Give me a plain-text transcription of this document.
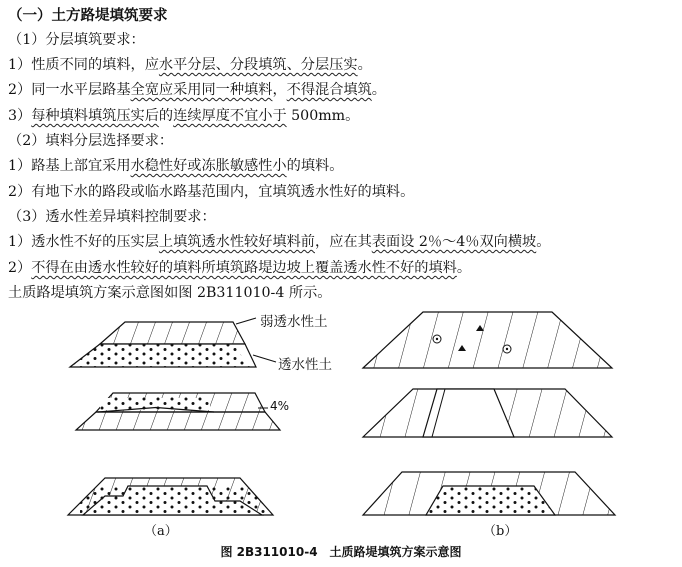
（一）土方路堤填筑要求
（1）分层填筑要求：
1）性质不同的填料，应水平分层、分段填筑、分层压实。
2）同一水平层路基全宽应采用同一种填料，不得混合填筑。
3）每种填料填筑压实后的连续厚度不宜小于 500mm。
（2）填料分层选择要求：
1）路基上部宜采用水稳性好或冻胀敏感性小的填料。
2）有地下水的路段或临水路基范围内，宜填筑透水性好的填料。
（3）透水性差异填料控制要求：
1）透水性不好的压实层上填筑透水性较好填料前，应在其表面设 2％～4％双向横坡。
2）不得在由透水性较好的填料所填筑路堤边坡上覆盖透水性不好的填料。
土质路堤填筑方案示意图如图 2B311010-4 所示。
弱透水性土
透水性土
4%
（a）	（b）
图 2B311010-4　土质路堤填筑方案示意图
